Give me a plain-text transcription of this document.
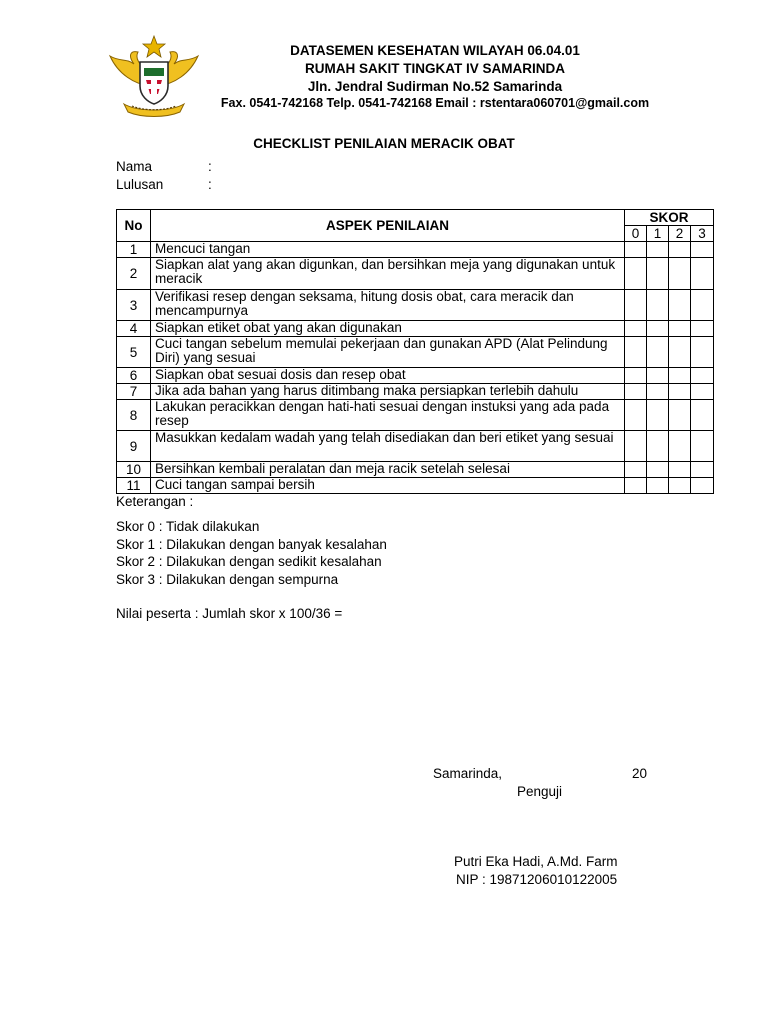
DATASEMEN KESEHATAN WILAYAH 06.04.01
RUMAH SAKIT TINGKAT IV SAMARINDA
Jln. Jendral Sudirman No.52 Samarinda
Fax. 0541-742168 Telp. 0541-742168 Email : rstentara060701@gmail.com
CHECKLIST PENILAIAN MERACIK OBAT
Nama	:
Lulusan	:
No	ASPEK PENILAIAN	SKOR			
		0	1	2	3
1	Mencuci tangan				
2	Siapkan alat yang akan digunkan, dan bersihkan meja yang digunakan untuk meracik				
3	Verifikasi resep dengan seksama, hitung dosis obat, cara meracik dan mencampurnya				
4	Siapkan etiket obat yang akan digunakan				
5	Cuci tangan sebelum memulai pekerjaan dan gunakan APD (Alat Pelindung Diri) yang sesuai				
6	Siapkan obat sesuai dosis dan resep obat				
7	Jika ada bahan yang harus ditimbang maka persiapkan terlebih dahulu				
8	Lakukan peracikkan dengan hati-hati sesuai dengan instuksi yang ada pada resep				
9	Masukkan kedalam wadah yang telah disediakan dan beri etiket yang sesuai				
10	Bersihkan kembali peralatan dan meja racik setelah selesai				
11	Cuci tangan sampai bersih				
Keterangan :
Skor 0 : Tidak dilakukan
Skor 1 : Dilakukan dengan banyak kesalahan
Skor 2 : Dilakukan dengan sedikit kesalahan
Skor 3 : Dilakukan dengan sempurna
Nilai peserta : Jumlah skor x 100/36 =
Samarinda,	20
Penguji
Putri Eka Hadi, A.Md. Farm
NIP : 19871206010122005
